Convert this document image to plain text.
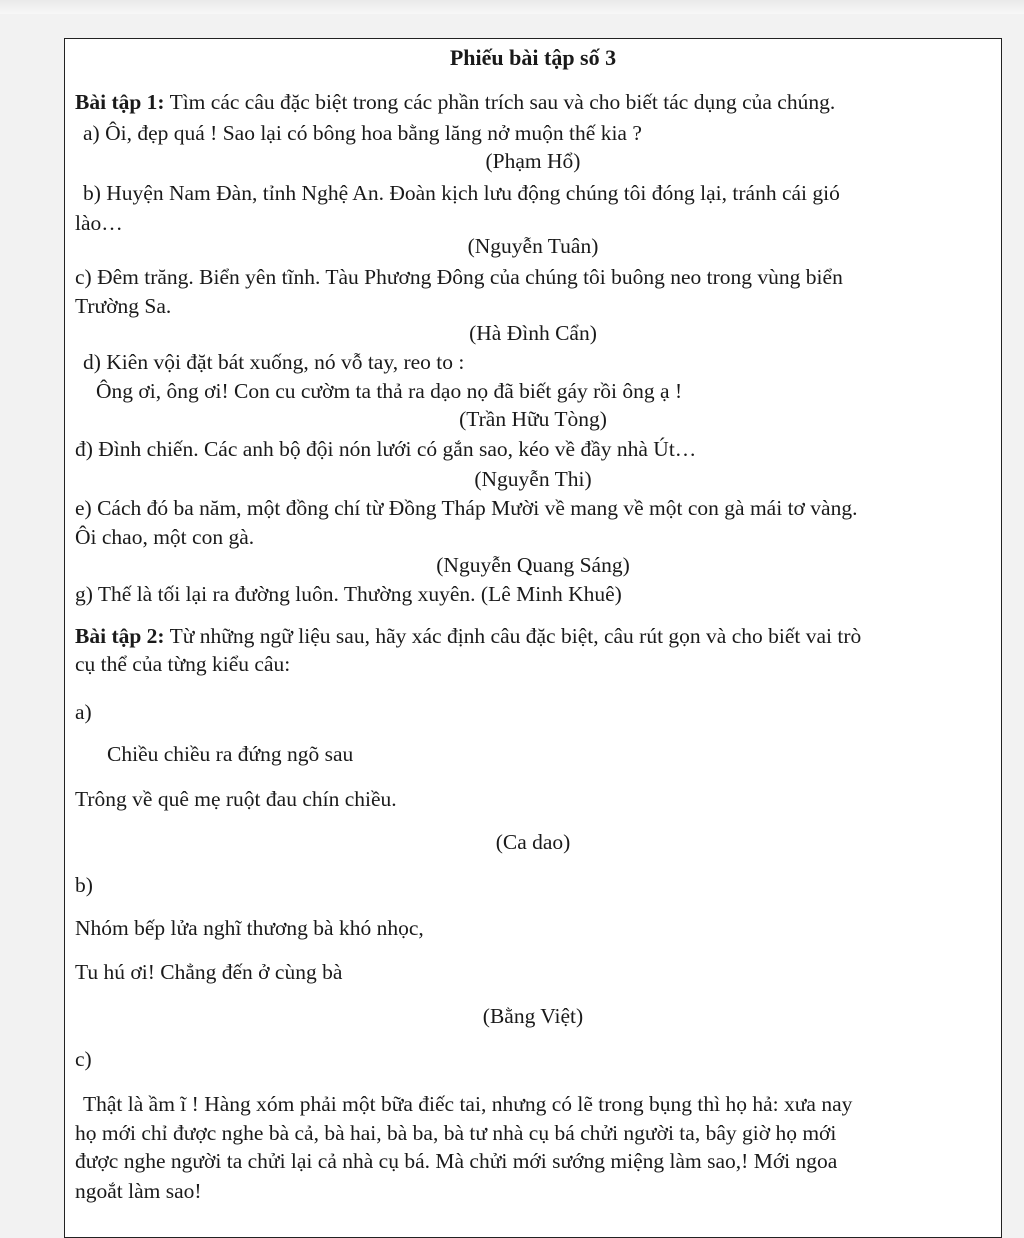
Phiếu bài tập số 3
Bài tập 1: Tìm các câu đặc biệt trong các phần trích sau và cho biết tác dụng của chúng.
a) Ôi, đẹp quá ! Sao lại có bông hoa bằng lăng nở muộn thế kia ?
(Phạm Hổ)
b) Huyện Nam Đàn, tỉnh Nghệ An. Đoàn kịch lưu động chúng tôi đóng lại, tránh cái gió
lào…
(Nguyễn Tuân)
c) Đêm trăng. Biển yên tĩnh. Tàu Phương Đông của chúng tôi buông neo trong vùng biển
Trường Sa.
(Hà Đình Cẩn)
d) Kiên vội đặt bát xuống, nó vỗ tay, reo to :
Ông ơi, ông ơi! Con cu cườm ta thả ra dạo nọ đã biết gáy rồi ông ạ !
(Trần Hữu Tòng)
đ) Đình chiến. Các anh bộ đội nón lưới có gắn sao, kéo về đầy nhà Út…
(Nguyễn Thi)
e) Cách đó ba năm, một đồng chí từ Đồng Tháp Mười về mang về một con gà mái tơ vàng.
Ôi chao, một con gà.
(Nguyễn Quang Sáng)
g) Thế là tối lại ra đường luôn. Thường xuyên. (Lê Minh Khuê)
Bài tập 2: Từ những ngữ liệu sau, hãy xác định câu đặc biệt, câu rút gọn và cho biết vai trò
cụ thể của từng kiểu câu:
a)
Chiều chiều ra đứng ngõ sau
Trông về quê mẹ ruột đau chín chiều.
(Ca dao)
b)
Nhóm bếp lửa nghĩ thương bà khó nhọc,
Tu hú ơi! Chẳng đến ở cùng bà
(Bằng Việt)
c)
Thật là ầm ĩ ! Hàng xóm phải một bữa điếc tai, nhưng có lẽ trong bụng thì họ hả: xưa nay
họ mới chỉ được nghe bà cả, bà hai, bà ba, bà tư nhà cụ bá chửi người ta, bây giờ họ mới
được nghe người ta chửi lại cả nhà cụ bá. Mà chửi mới sướng miệng làm sao,! Mới ngoa
ngoắt làm sao!
